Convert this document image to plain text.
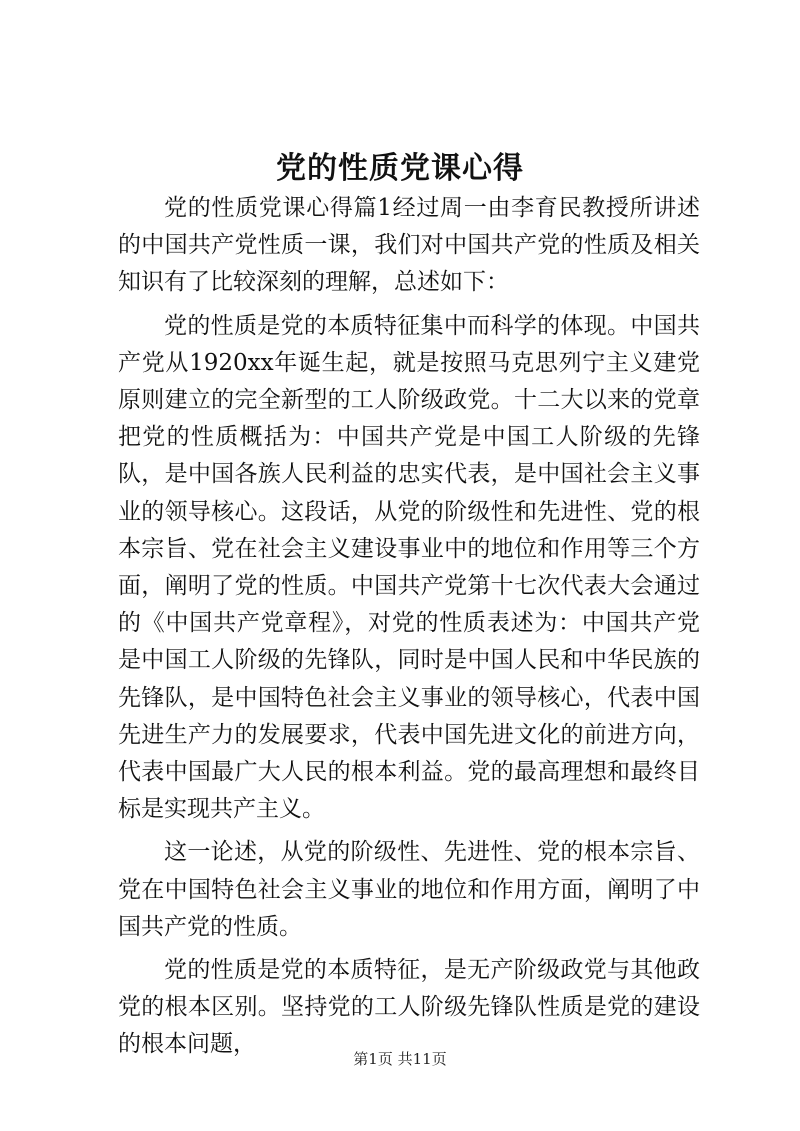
党的性质党课心得

党的性质党课心得篇1经过周一由李育民教授所讲述的中国共产党性质一课，我们对中国共产党的性质及相关知识有了比较深刻的理解，总述如下：

党的性质是党的本质特征集中而科学的体现。中国共产党从1920xx年诞生起，就是按照马克思列宁主义建党原则建立的完全新型的工人阶级政党。十二大以来的党章把党的性质概括为：中国共产党是中国工人阶级的先锋队，是中国各族人民利益的忠实代表，是中国社会主义事业的领导核心。这段话，从党的阶级性和先进性、党的根本宗旨、党在社会主义建设事业中的地位和作用等三个方面，阐明了党的性质。中国共产党第十七次代表大会通过的《中国共产党章程》，对党的性质表述为：中国共产党是中国工人阶级的先锋队，同时是中国人民和中华民族的先锋队，是中国特色社会主义事业的领导核心，代表中国先进生产力的发展要求，代表中国先进文化的前进方向，代表中国最广大人民的根本利益。党的最高理想和最终目标是实现共产主义。

这一论述，从党的阶级性、先进性、党的根本宗旨、党在中国特色社会主义事业的地位和作用方面，阐明了中国共产党的性质。

党的性质是党的本质特征，是无产阶级政党与其他政党的根本区别。坚持党的工人阶级先锋队性质是党的建设的根本问题，

第1页 共11页
